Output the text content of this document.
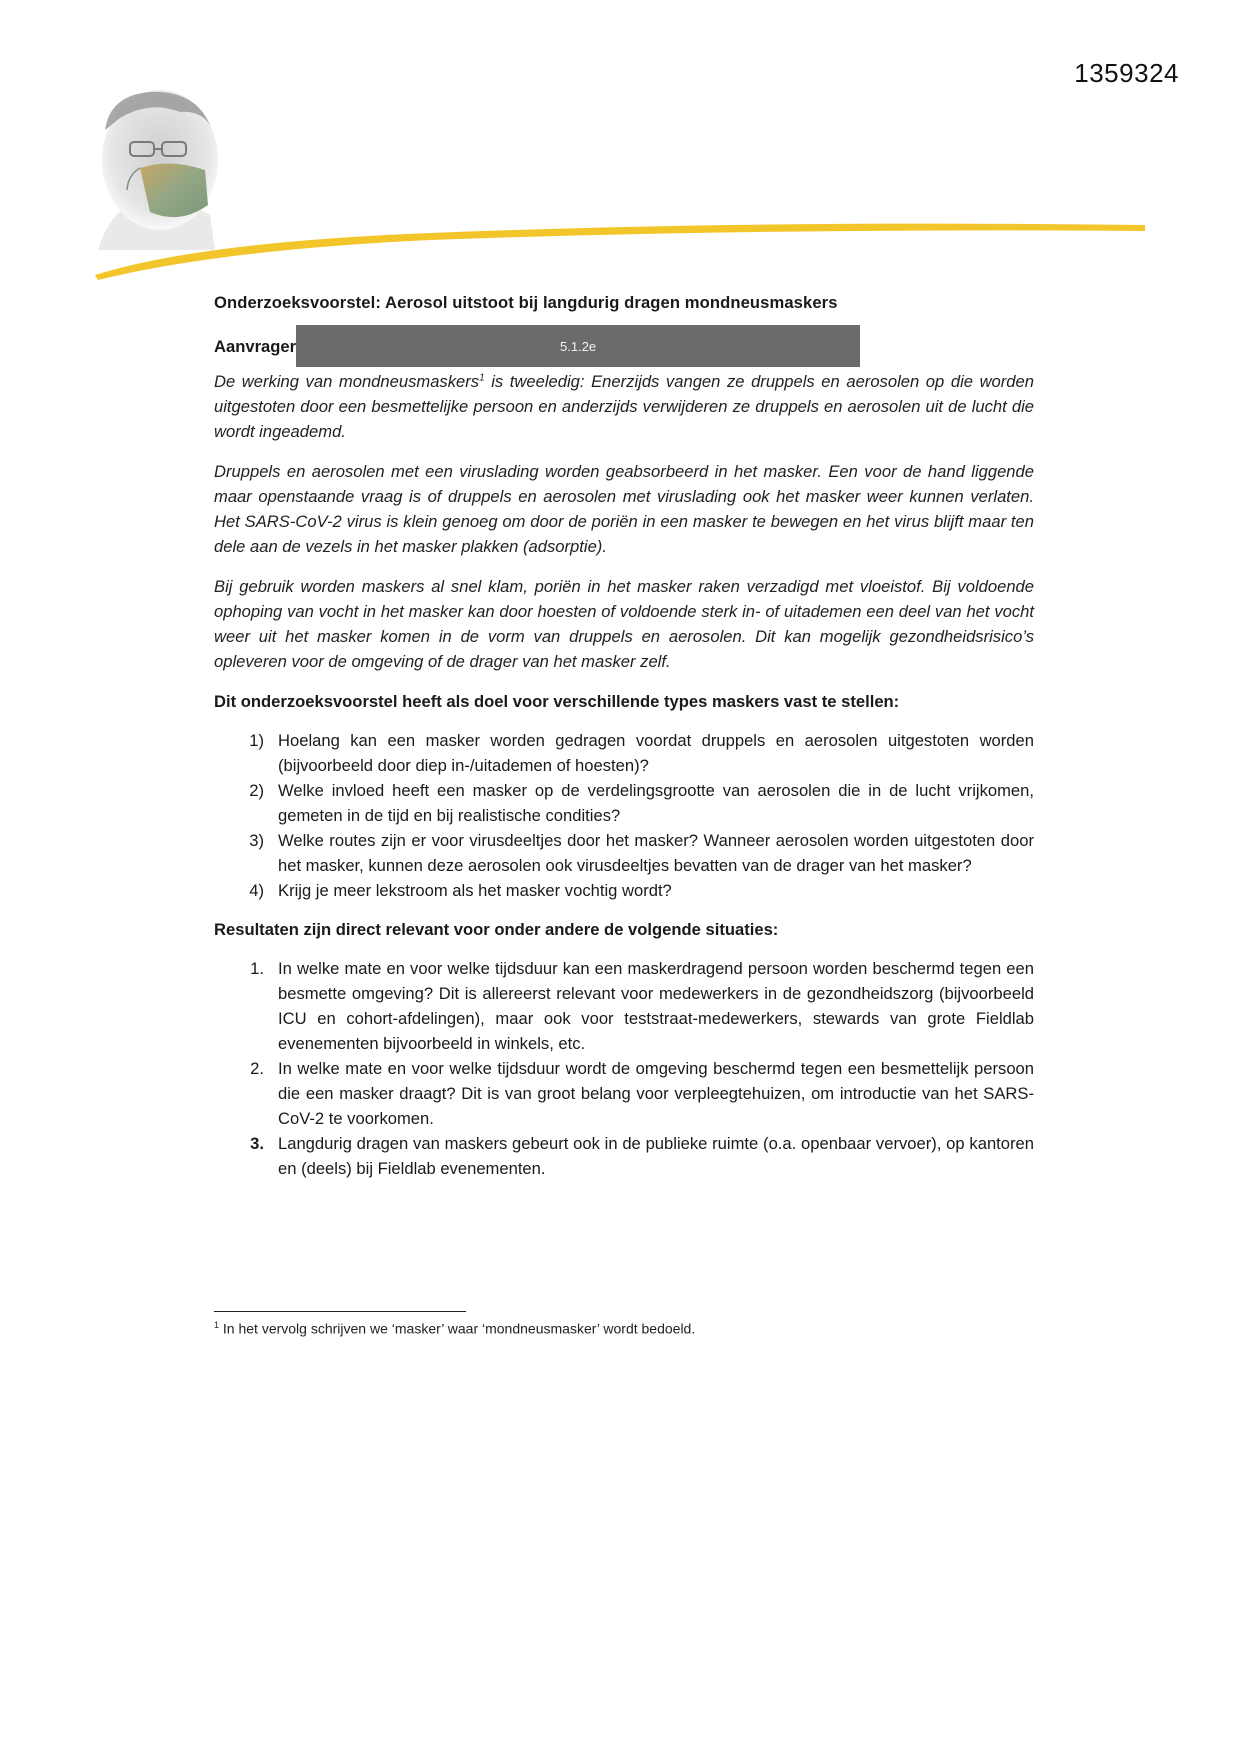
1359324
Onderzoeksvoorstel: Aerosol uitstoot bij langdurig dragen mondneusmaskers
Aanvrager	5.1.2e

De werking van mondneusmaskers$^1$ is tweeledig: Enerzijds vangen ze druppels en aerosolen op die worden uitgestoten door een besmettelijke persoon en anderzijds verwijderen ze druppels en aerosolen uit de lucht die wordt ingeademd.

Druppels en aerosolen met een viruslading worden geabsorbeerd in het masker. Een voor de hand liggende maar openstaande vraag is of druppels en aerosolen met viruslading ook het masker weer kunnen verlaten. Het SARS-CoV-2 virus is klein genoeg om door de poriën in een masker te bewegen en het virus blijft maar ten dele aan de vezels in het masker plakken (adsorptie).

Bij gebruik worden maskers al snel klam, poriën in het masker raken verzadigd met vloeistof. Bij voldoende ophoping van vocht in het masker kan door hoesten of voldoende sterk in- of uitademen een deel van het vocht weer uit het masker komen in de vorm van druppels en aerosolen. Dit kan mogelijk gezondheidsrisico’s opleveren voor de omgeving of de drager van het masker zelf.

Dit onderzoeksvoorstel heeft als doel voor verschillende types maskers vast te stellen:
1) Hoelang kan een masker worden gedragen voordat druppels en aerosolen uitgestoten worden (bijvoorbeeld door diep in-/uitademen of hoesten)?
2) Welke invloed heeft een masker op de verdelingsgrootte van aerosolen die in de lucht vrijkomen, gemeten in de tijd en bij realistische condities?
3) Welke routes zijn er voor virusdeeltjes door het masker? Wanneer aerosolen worden uitgestoten door het masker, kunnen deze aerosolen ook virusdeeltjes bevatten van de drager van het masker?
4) Krijg je meer lekstroom als het masker vochtig wordt?
Resultaten zijn direct relevant voor onder andere de volgende situaties:
1. In welke mate en voor welke tijdsduur kan een maskerdragend persoon worden beschermd tegen een besmette omgeving? Dit is allereerst relevant voor medewerkers in de gezondheidszorg (bijvoorbeeld ICU en cohort-afdelingen), maar ook voor teststraat-medewerkers, stewards van grote Fieldlab evenementen bijvoorbeeld in winkels, etc.
2. In welke mate en voor welke tijdsduur wordt de omgeving beschermd tegen een besmettelijk persoon die een masker draagt? Dit is van groot belang voor verpleegtehuizen, om introductie van het SARS-CoV-2 te voorkomen.
3. Langdurig dragen van maskers gebeurt ook in de publieke ruimte (o.a. openbaar vervoer), op kantoren en (deels) bij Fieldlab evenementen.
$^1$ In het vervolg schrijven we ‘masker’ waar ‘mondneusmasker’ wordt bedoeld.
